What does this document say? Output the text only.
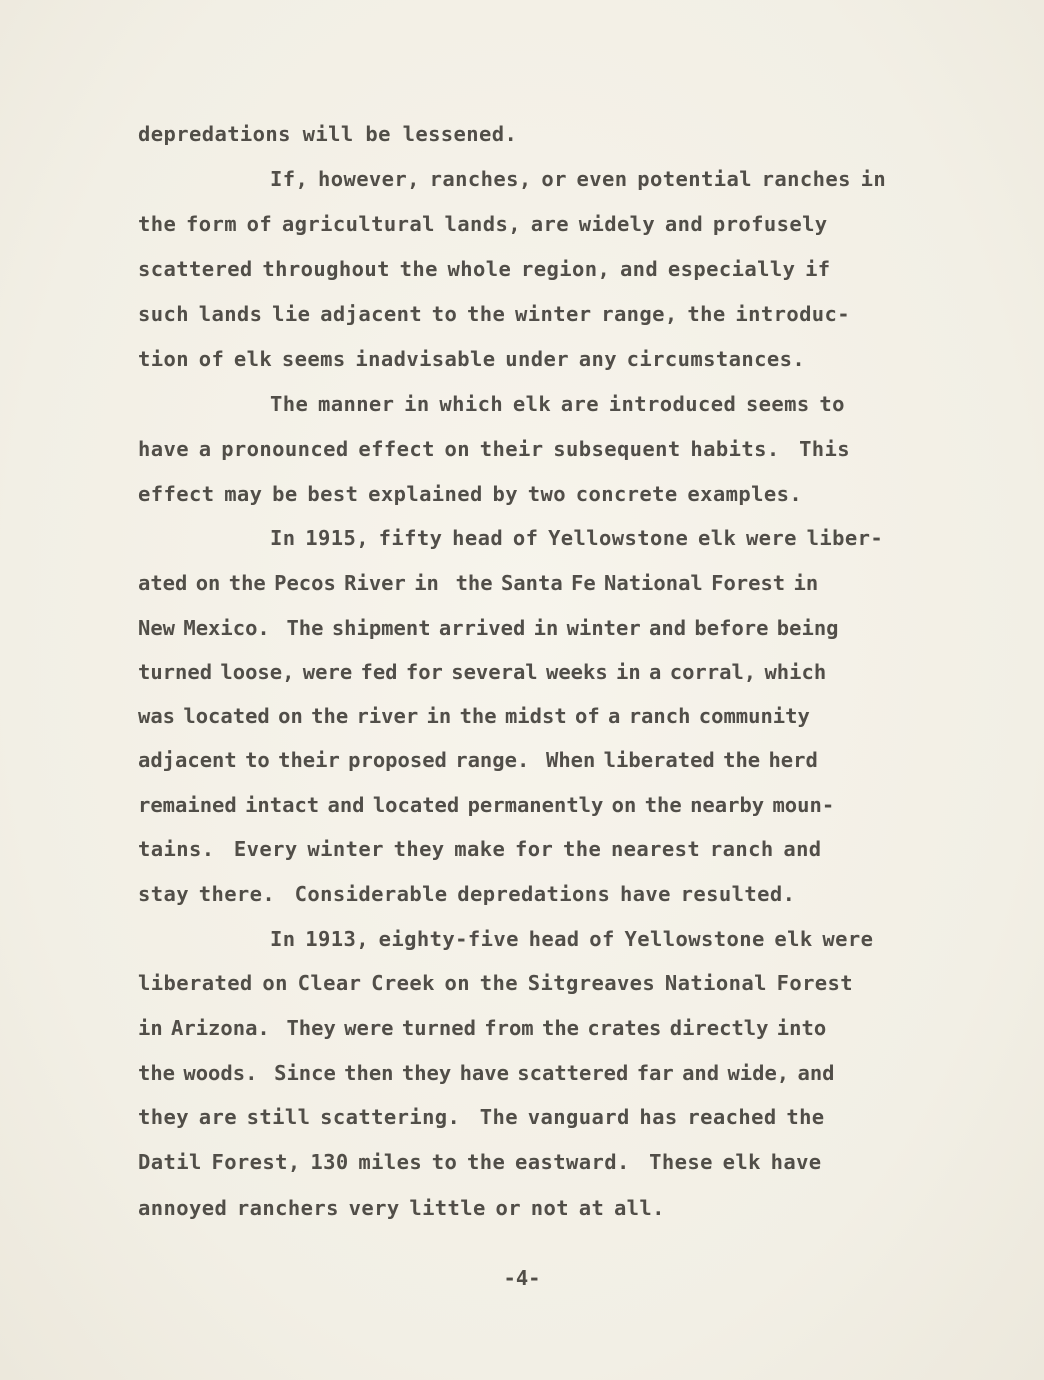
depredations will be lessened.
If, however, ranches, or even potential ranches in
the form of agricultural lands, are widely and profusely
scattered throughout the whole region, and especially if
such lands lie adjacent to the winter range, the introduc-
tion of elk seems inadvisable under any circumstances.
The manner in which elk are introduced seems to
have a pronounced effect on their subsequent habits.  This
effect may be best explained by two concrete examples.
In 1915, fifty head of Yellowstone elk were liber-
ated on the Pecos River in  the Santa Fe National Forest in
New Mexico.  The shipment arrived in winter and before being
turned loose, were fed for several weeks in a corral, which
was located on the river in the midst of a ranch community
adjacent to their proposed range.  When liberated the herd
remained intact and located permanently on the nearby moun-
tains.  Every winter they make for the nearest ranch and
stay there.  Considerable depredations have resulted.
In 1913, eighty-five head of Yellowstone elk were
liberated on Clear Creek on the Sitgreaves National Forest
in Arizona.  They were turned from the crates directly into
the woods.  Since then they have scattered far and wide, and
they are still scattering.  The vanguard has reached the
Datil Forest, 130 miles to the eastward.  These elk have
annoyed ranchers very little or not at all.
-4-
